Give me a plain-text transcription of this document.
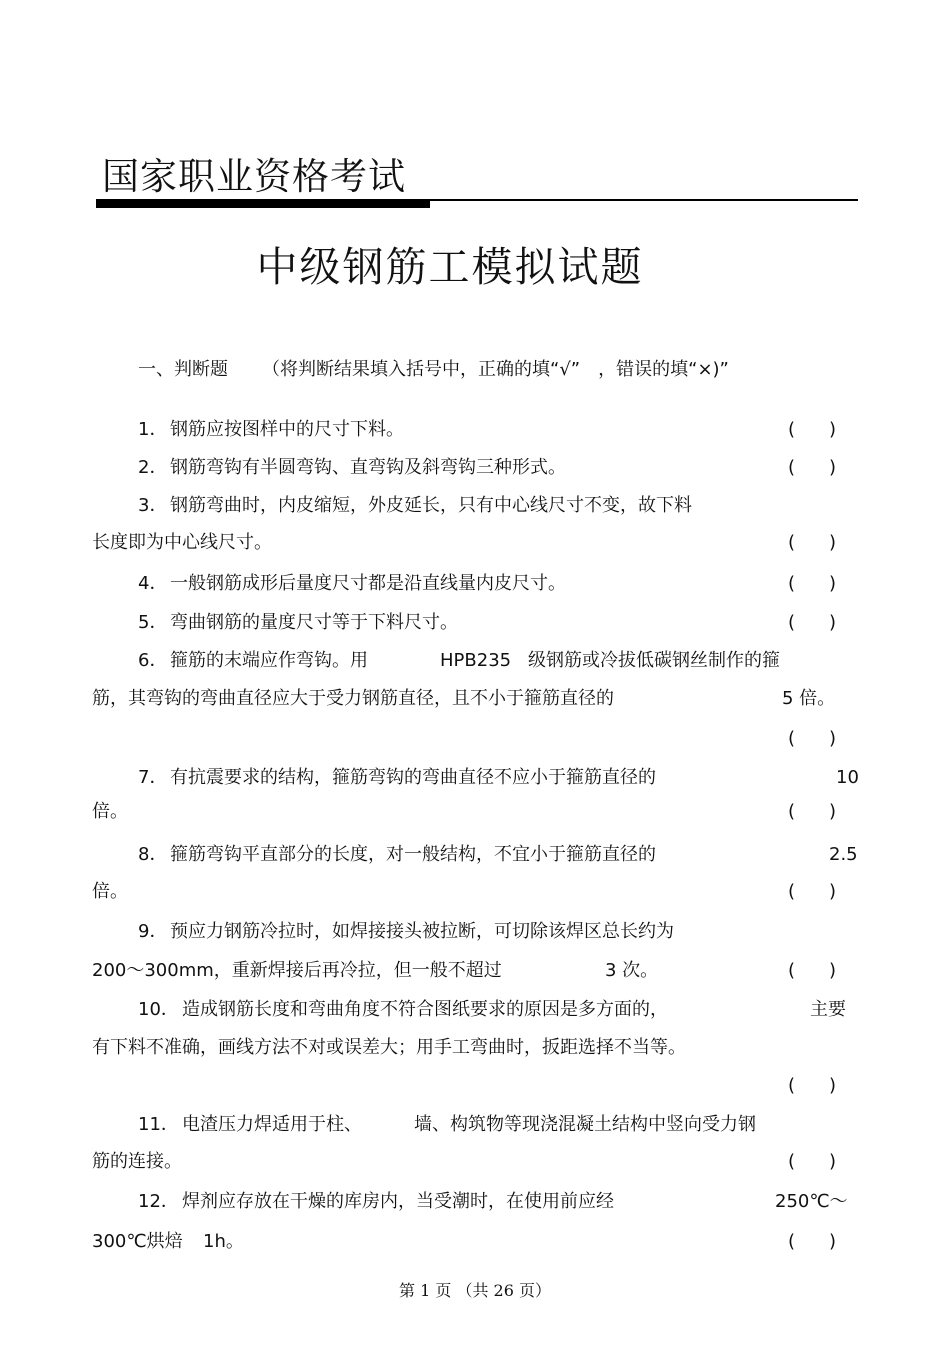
国家职业资格考试
中级钢筋工模拟试题
一、判断题 （将判断结果填入括号中，正确的填“√”　，错误的填“×)”
1． 钢筋应按图样中的尺寸下料。	( )
2． 钢筋弯钩有半圆弯钩、直弯钩及斜弯钩三种形式。	( )
3． 钢筋弯曲时，内皮缩短，外皮延长，只有中心线尺寸不变，故下料
长度即为中心线尺寸。	( )
4． 一般钢筋成形后量度尺寸都是沿直线量内皮尺寸。	( )
5． 弯曲钢筋的量度尺寸等于下料尺寸。	( )
6． 箍筋的末端应作弯钩。用	HPB235 级钢筋或冷拔低碳钢丝制作的箍
筋，其弯钩的弯曲直径应大于受力钢筋直径，且不小于箍筋直径的	5 倍。
( )
7． 有抗震要求的结构，箍筋弯钩的弯曲直径不应小于箍筋直径的	10
倍。	( )
8． 箍筋弯钩平直部分的长度，对一般结构，不宜小于箍筋直径的	2.5
倍。	( )
9． 预应力钢筋冷拉时，如焊接接头被拉断，可切除该焊区总长约为
200～300mm，重新焊接后再冷拉，但一般不超过	3 次。	( )
10． 造成钢筋长度和弯曲角度不符合图纸要求的原因是多方面的，	主要
有下料不准确，画线方法不对或误差大；用手工弯曲时，扳距选择不当等。
( )
11． 电渣压力焊适用于柱、	墙、构筑物等现浇混凝土结构中竖向受力钢
筋的连接。	( )
12． 焊剂应存放在干燥的库房内，当受潮时，在使用前应经	250℃～
300℃烘焙 1h。	( )
第 1 页 （共 26 页）
